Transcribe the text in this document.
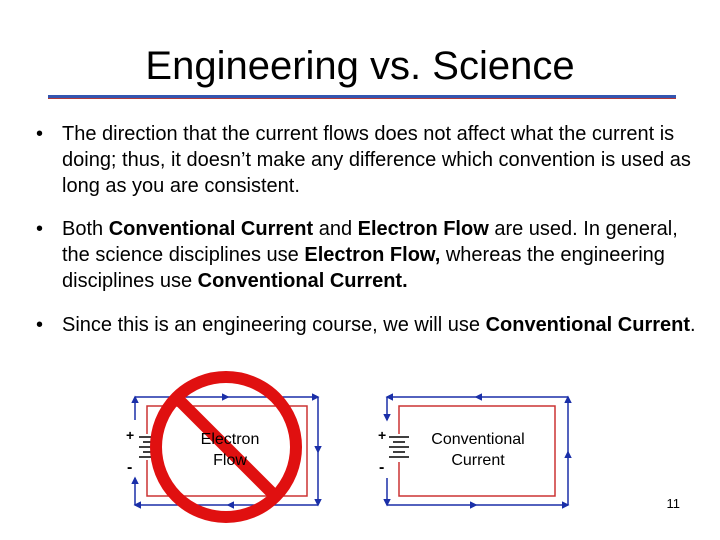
Engineering vs. Science
• The direction that the current flows does not affect what the current is doing; thus, it doesn’t make any difference which convention is used as long as you are consistent.
• Both Conventional Current and Electron Flow are used. In general, the science disciplines use Electron Flow, whereas the engineering disciplines use Conventional Current.
• Since this is an engineering course, we will use Conventional Current.
+
-
+
-
Electron
Flow
Conventional
Current
11
